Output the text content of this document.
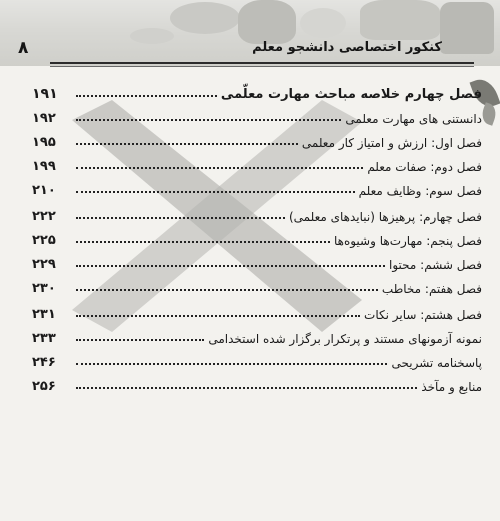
کنکور اختصاصی دانشجو معلم
۸
۱۹۱	فصل چهارم خلاصه مباحث مهارت معلّمی
۱۹۲	دانستنی های مهارت معلمی
۱۹۵	فصل اول: ارزش و امتیاز کار معلمی
۱۹۹	فصل دوم: صفات معلم
۲۱۰	فصل سوم: وظایف معلم
۲۲۲	فصل چهارم: پرهیزها (نبایدهای معلمی)
۲۲۵	فصل پنجم: مهارت‌ها وشیوه‌ها
۲۲۹	فصل ششم: محتوا
۲۳۰	فصل هفتم: مخاطب
۲۳۱	فصل هشتم: سایر نکات
۲۳۳	نمونه آزمونهای مستند و پرتکرار برگزار شده استخدامی
۲۴۶	پاسخنامه تشریحی
۲۵۶	منابع و مآخذ
